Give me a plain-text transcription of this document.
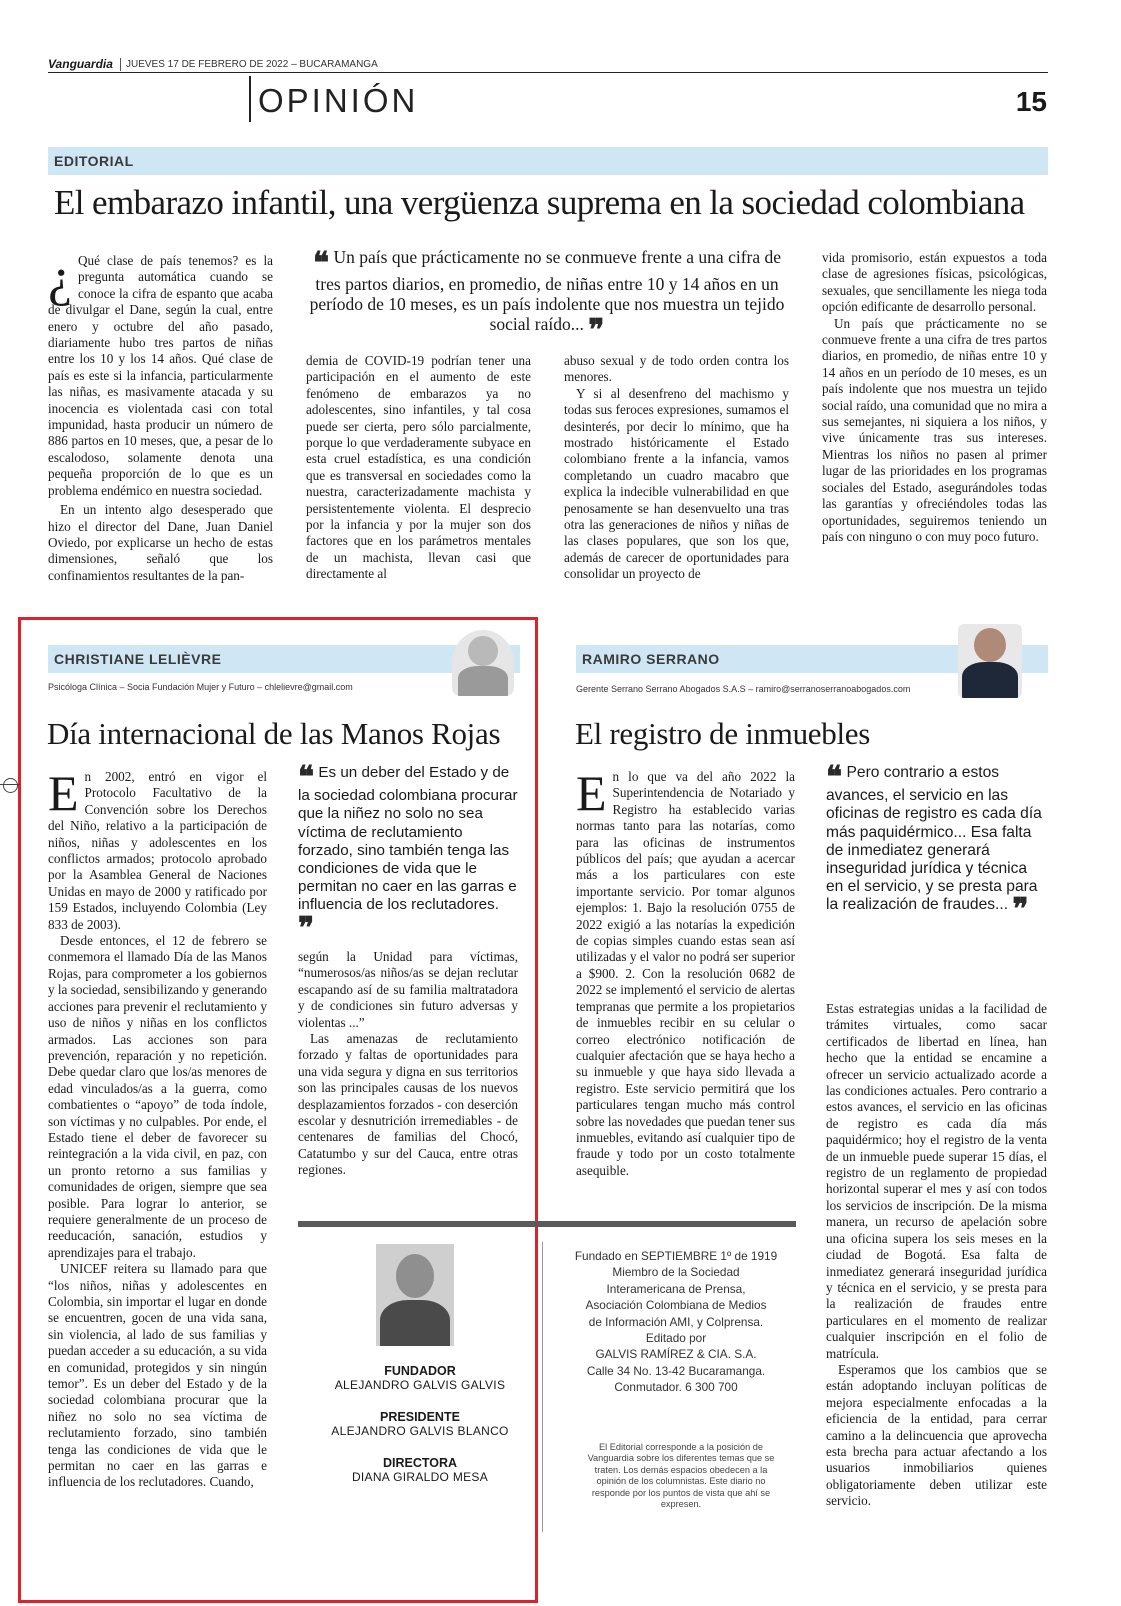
Vanguardia JUEVES 17 DE FEBRERO DE 2022 – BUCARAMANGA
OPINIÓN	15
EDITORIAL
El embarazo infantil, una vergüenza suprema en la sociedad colombiana

¿ Qué clase de país tenemos? es la pregunta automática cuando se conoce la cifra de espanto que acaba de divulgar el Dane, según la cual, entre enero y octubre del año pasado, diariamente hubo tres partos de niñas entre los 10 y los 14 años. Qué clase de país es este si la infancia, particularmente las niñas, es masivamente atacada y su inocencia es violentada casi con total impunidad, hasta producir un número de 886 partos en 10 meses, que, a pesar de lo escalodoso, solamente denota una pequeña proporción de lo que es un problema endémico en nuestra sociedad.

En un intento algo desesperado que hizo el director del Dane, Juan Daniel Oviedo, por explicarse un hecho de estas dimensiones, señaló que los confinamientos resultantes de la pan-

❝ Un país que prácticamente no se conmueve frente a una cifra de tres partos diarios, en promedio, de niñas entre 10 y 14 años en un período de 10 meses, es un país indolente que nos muestra un tejido social raído... ❞

demia de COVID-19 podrían tener una participación en el aumento de este fenómeno de embarazos ya no adolescentes, sino infantiles, y tal cosa puede ser cierta, pero sólo parcialmente, porque lo que verdaderamente subyace en esta cruel estadística, es una condición que es transversal en sociedades como la nuestra, caracterizadamente machista y persistentemente violenta. El desprecio por la infancia y por la mujer son dos factores que en los parámetros mentales de un machista, llevan casi que directamente al

abuso sexual y de todo orden contra los menores.

Y si al desenfreno del machismo y todas sus feroces expresiones, sumamos el desinterés, por decir lo mínimo, que ha mostrado históricamente el Estado colombiano frente a la infancia, vamos completando un cuadro macabro que explica la indecible vulnerabilidad en que penosamente se han desenvuelto una tras otra las generaciones de niños y niñas de las clases populares, que son los que, además de carecer de oportunidades para consolidar un proyecto de

vida promisorio, están expuestos a toda clase de agresiones físicas, psicológicas, sexuales, que sencillamente les niega toda opción edificante de desarrollo personal.

Un país que prácticamente no se conmueve frente a una cifra de tres partos diarios, en promedio, de niñas entre 10 y 14 años en un período de 10 meses, es un país indolente que nos muestra un tejido social raído, una comunidad que no mira a sus semejantes, ni siquiera a los niños, y vive únicamente tras sus intereses. Mientras los niños no pasen al primer lugar de las prioridades en los programas sociales del Estado, asegurándoles todas las garantías y ofreciéndoles todas las oportunidades, seguiremos teniendo un país con ninguno o con muy poco futuro.

CHRISTIANE LELIÈVRE
Psicóloga Clínica – Socia Fundación Mujer y Futuro – chlelievre@gmail.com
Día internacional de las Manos Rojas

En 2002, entró en vigor el Protocolo Facultativo de la Convención sobre los Derechos del Niño, relativo a la participación de niños, niñas y adolescentes en los conflictos armados; protocolo aprobado por la Asamblea General de Naciones Unidas en mayo de 2000 y ratificado por 159 Estados, incluyendo Colombia (Ley 833 de 2003).

Desde entonces, el 12 de febrero se conmemora el llamado Día de las Manos Rojas, para comprometer a los gobiernos y la sociedad, sensibilizando y generando acciones para prevenir el reclutamiento y uso de niños y niñas en los conflictos armados. Las acciones son para prevención, reparación y no repetición. Debe quedar claro que los/as menores de edad vinculados/as a la guerra, como combatientes o “apoyo” de toda índole, son víctimas y no culpables. Por ende, el Estado tiene el deber de favorecer su reintegración a la vida civil, en paz, con un pronto retorno a sus familias y comunidades de origen, siempre que sea posible. Para lograr lo anterior, se requiere generalmente de un proceso de reeducación, sanación, estudios y aprendizajes para el trabajo.

UNICEF reitera su llamado para que “los niños, niñas y adolescentes en Colombia, sin importar el lugar en donde se encuentren, gocen de una vida sana, sin violencia, al lado de sus familias y puedan acceder a su educación, a su vida en comunidad, protegidos y sin ningún temor”. Es un deber del Estado y de la sociedad colombiana procurar que la niñez no solo no sea víctima de reclutamiento forzado, sino también tenga las condiciones de vida que le permitan no caer en las garras e influencia de los reclutadores. Cuando,

❝ Es un deber del Estado y de la sociedad colombiana procurar que la niñez no solo no sea víctima de reclutamiento forzado, sino también tenga las condiciones de vida que le permitan no caer en las garras e influencia de los reclutadores. ❞

según la Unidad para víctimas, “numerosos/as niños/as se dejan reclutar escapando así de su familia maltratadora y de condiciones sin futuro adversas y violentas ...”

Las amenazas de reclutamiento forzado y faltas de oportunidades para una vida segura y digna en sus territorios son las principales causas de los nuevos desplazamientos forzados - con deserción escolar y desnutrición irremediables - de centenares de familias del Chocó, Catatumbo y sur del Cauca, entre otras regiones.

FUNDADOR
ALEJANDRO GALVIS GALVIS
PRESIDENTE
ALEJANDRO GALVIS BLANCO
DIRECTORA
DIANA GIRALDO MESA
Fundado en SEPTIEMBRE 1º de 1919
Miembro de la Sociedad
Interamericana de Prensa,
Asociación Colombiana de Medios
de Información AMI, y Colprensa.
Editado por
GALVIS RAMÍREZ & CIA. S.A.
Calle 34 No. 13-42 Bucaramanga.
Conmutador. 6 300 700
El Editorial corresponde a la posición de Vanguardia sobre los diferentes temas que se traten. Los demás espacios obedecen a la opinión de los columnistas. Este diario no responde por los puntos de vista que ahí se expresen.
RAMIRO SERRANO
Gerente Serrano Serrano Abogados S.A.S – ramiro@serranoserranoabogados.com
El registro de inmuebles

En lo que va del año 2022 la Superintendencia de Notariado y Registro ha establecido varias normas tanto para las notarías, como para las oficinas de instrumentos públicos del país; que ayudan a acercar más a los particulares con este importante servicio. Por tomar algunos ejemplos: 1. Bajo la resolución 0755 de 2022 exigió a las notarías la expedición de copias simples cuando estas sean así utilizadas y el valor no podrá ser superior a $900. 2. Con la resolución 0682 de 2022 se implementó el servicio de alertas tempranas que permite a los propietarios de inmuebles recibir en su celular o correo electrónico notificación de cualquier afectación que se haya hecho a su inmueble y que haya sido llevada a registro. Este servicio permitirá que los particulares tengan mucho más control sobre las novedades que puedan tener sus inmuebles, evitando así cualquier tipo de fraude y todo por un costo totalmente asequible.

❝ Pero contrario a estos avances, el servicio en las oficinas de registro es cada día más paquidérmico... Esa falta de inmediatez generará inseguridad jurídica y técnica en el servicio, y se presta para la realización de fraudes... ❞

Estas estrategias unidas a la facilidad de trámites virtuales, como sacar certificados de libertad en línea, han hecho que la entidad se encamine a ofrecer un servicio actualizado acorde a las condiciones actuales. Pero contrario a estos avances, el servicio en las oficinas de registro es cada día más paquidérmico; hoy el registro de la venta de un inmueble puede superar 15 días, el registro de un reglamento de propiedad horizontal superar el mes y así con todos los servicios de inscripción. De la misma manera, un recurso de apelación sobre una oficina supera los seis meses en la ciudad de Bogotá. Esa falta de inmediatez generará inseguridad jurídica y técnica en el servicio, y se presta para la realización de fraudes entre particulares en el momento de realizar cualquier inscripción en el folio de matrícula.

Esperamos que los cambios que se están adoptando incluyan políticas de mejora especialmente enfocadas a la eficiencia de la entidad, para cerrar camino a la delincuencia que aprovecha esta brecha para actuar afectando a los usuarios inmobiliarios quienes obligatoriamente deben utilizar este servicio.
